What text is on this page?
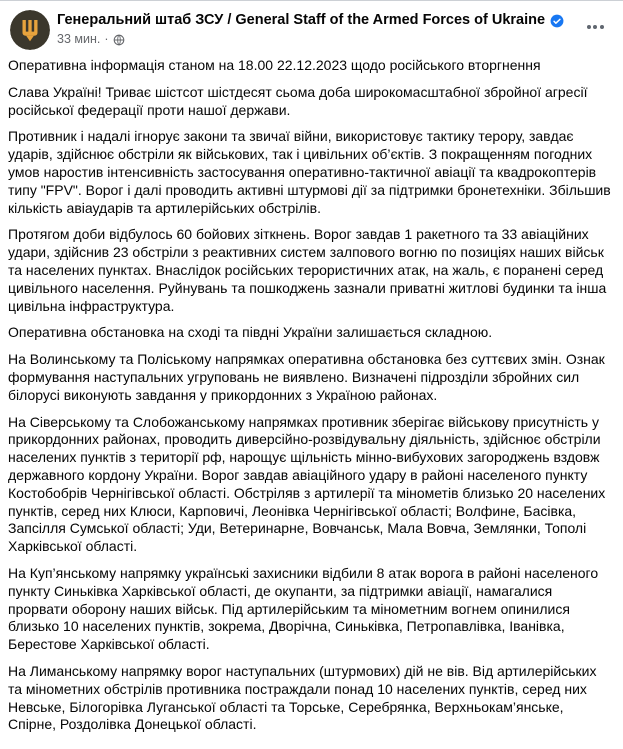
Генеральний штаб ЗСУ / General Staff of the Armed Forces of Ukraine
33 мин. ·

Оперативна інформація станом на 18.00 22.12.2023 щодо російського вторгнення

Слава Україні! Триває шістсот шістдесят сьома доба широкомасштабної збройної агресії російської федерації проти нашої держави.

Противник і надалі ігнорує закони та звичаї війни, використовує тактику терору, завдає ударів, здійснює обстріли як військових, так і цивільних об’єктів. З покращенням погодних умов наростив інтенсивність застосування оперативно-тактичної авіації та квадрокоптерів типу "FPV". Ворог і далі проводить активні штурмові дії за підтримки бронетехніки. Збільшив кількість авіаударів та артилерійських обстрілів.

Протягом доби відбулось 60 бойових зіткнень. Ворог завдав 1 ракетного та 33 авіаційних удари, здійснив 23 обстріли з реактивних систем залпового вогню по позиціях наших військ та населених пунктах. Внаслідок російських терористичних атак, на жаль, є поранені серед цивільного населення. Руйнувань та пошкоджень зазнали приватні житлові будинки та інша цивільна інфраструктура.

Оперативна обстановка на сході та півдні України залишається складною.

На Волинському та Поліському напрямках оперативна обстановка без суттєвих змін. Ознак формування наступальних угруповань не виявлено. Визначені підрозділи збройних сил білорусі виконують завдання у прикордонних з Україною районах.

На Сіверському та Слобожанському напрямках противник зберігає військову присутність у прикордонних районах, проводить диверсійно-розвідувальну діяльність, здійснює обстріли населених пунктів з території рф, нарощує щільність мінно-вибухових загороджень вздовж державного кордону України. Ворог завдав авіаційного удару в районі населеного пункту Костобобрів Чернігівської області. Обстріляв з артилерії та мінометів близько 20 населених пунктів, серед них Клюси, Карповичі, Леонівка Чернігівської області; Волфине, Басівка, Запсілля Сумської області; Уди, Ветеринарне, Вовчанськ, Мала Вовча, Землянки, Тополі Харківської області.

На Куп’янському напрямку українські захисники відбили 8 атак ворога в районі населеного пункту Синьківка Харківської області, де окупанти, за підтримки авіації, намагалися прорвати оборону наших військ. Під артилерійським та мінометним вогнем опинилися близько 10 населених пунктів, зокрема, Дворічна, Синьківка, Петропавлівка, Іванівка, Берестове Харківської області.

На Лиманському напрямку ворог наступальних (штурмових) дій не вів. Від артилерійських та мінометних обстрілів противника постраждали понад 10 населених пунктів, серед них Невське, Білогорівка Луганської області та Торське, Серебрянка, Верхньокам’янське, Спірне, Роздолівка Донецької області.
